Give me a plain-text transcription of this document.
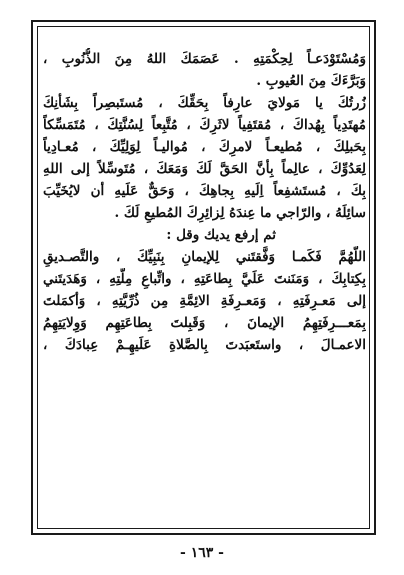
وَمُسْتَوْدَعـاً لِحِكْمَتِهِ . عَصَمَكَ اللهُ مِنَ الذُّنُوبِ ،
وَبَرَّءَكَ مِنَ العُيوبِ .
زُرتُكَ يا مَولايَ عارِفاً بِحَقِّكَ ، مُستَبصِراً بِشَأنِكَ
مُهتَدِياً بِهُداكَ ، مُقتَفِياً لاثَرِكَ ، مُتَّبِعاً لِسُنَّتِكَ ، مُتَمَسِّكاً
بِحَبلِكَ ، مُطيعـاً لامرِكَ ، مُواليـاً لِوَلِيِّكَ ، مُعـادِياً
لِعَدُوِّكَ ، عالِماً بِأنَّ الحَقَّ لَكَ وَمَعَكَ ، مُتَوسِّلاً إلى اللهِ
بِكَ ، مُستَشفِعاً اِلَيهِ بِجاهِكَ ، وَحَقٌّ عَلَيهِ أن لايُخَيِّبَ
سائِلَهُ ، والرّاجي ما عِندَهُ لِزائِرِكَ المُطيعِ لَكَ .
ثم إرفع يديك وقل :
اللّهُمَّ فَكَمـا وَفَّقتَني لِلإيمانِ بِنَبِيِّكَ ، والتَّصـديقِ
بِكِتابِكَ ، وَمَنَنتَ عَلَيَّ بِطاعَتِهِ ، واتِّباعِ مِلَّتِهِ ، وَهَدَيتَني
إلى مَعـرِفَتِهِ ، وَمَعـرِفَةِ الائِمَّةِ مِن ذُرِّيَّتِهِ ، وَأكمَلتَ
بِمَعـــرِفَتِهِمُ الإيمانَ ، وَقَبِلتَ بِطاعَتِهِم وَوِلايَتِهِمُ
الاعمـالَ ، واستَعبَدتَ بِالصَّلاةِ عَلَيهِـمْ عِبادَكَ ،
- ١٦٣ -
